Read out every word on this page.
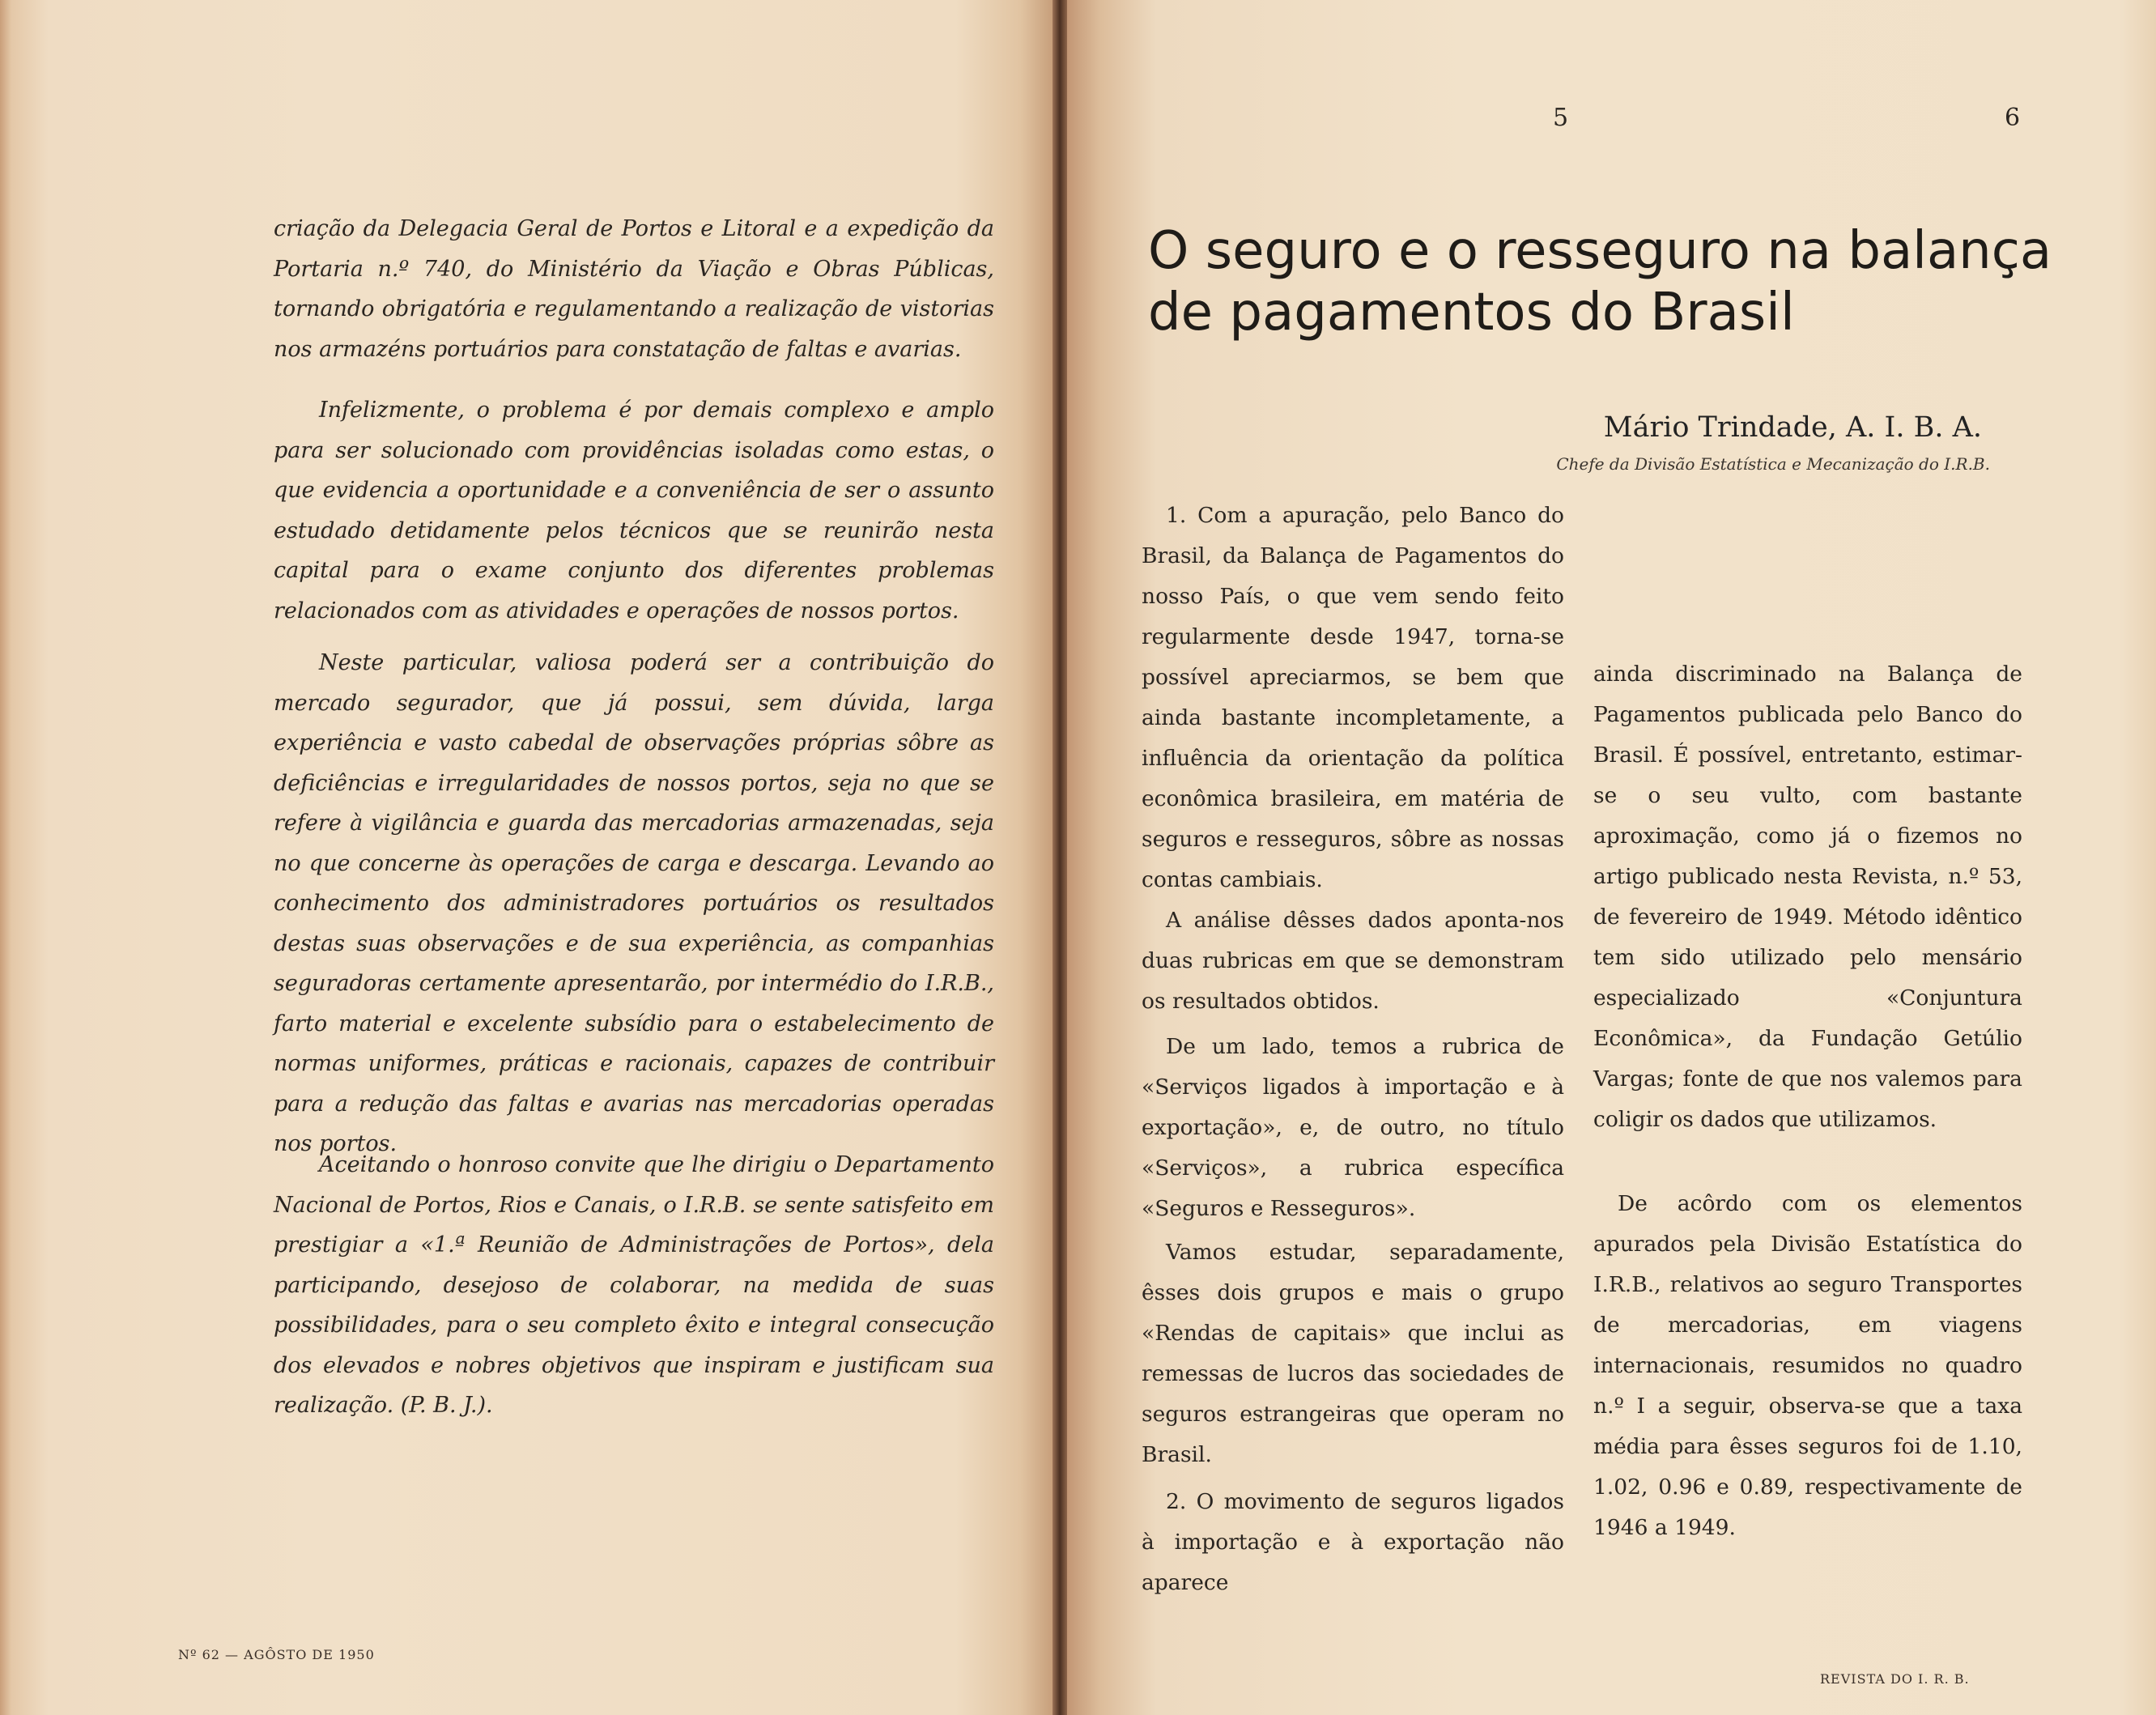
criação da Delegacia Geral de Portos e Litoral e a expedição da Portaria n.º 740, do Ministério da Viação e Obras Públicas, tornando obrigatória e regulamentando a realização de vistorias nos armazéns portuários para constatação de faltas e avarias.

Infelizmente, o problema é por demais complexo e amplo para ser solucionado com providências isoladas como estas, o que evidencia a oportunidade e a conveniência de ser o assunto estudado detidamente pelos técnicos que se reunirão nesta capital para o exame conjunto dos diferentes problemas relacionados com as atividades e operações de nossos portos.

Neste particular, valiosa poderá ser a contribuição do mercado segurador, que já possui, sem dúvida, larga experiência e vasto cabedal de observações próprias sôbre as deficiências e irregularidades de nossos portos, seja no que se refere à vigilância e guarda das mercadorias armazenadas, seja no que concerne às operações de carga e descarga. Levando ao conhecimento dos administradores portuários os resultados destas suas observações e de sua experiência, as companhias seguradoras certamente apresentarão, por intermédio do I.R.B., farto material e excelente subsídio para o estabelecimento de normas uniformes, práticas e racionais, capazes de contribuir para a redução das faltas e avarias nas mercadorias operadas nos portos.

Aceitando o honroso convite que lhe dirigiu o Departamento Nacional de Portos, Rios e Canais, o I.R.B. se sente satisfeito em prestigiar a «1.ª Reunião de Administrações de Portos», dela participando, desejoso de colaborar, na medida de suas possibilidades, para o seu completo êxito e integral consecução dos elevados e nobres objetivos que inspiram e justificam sua realização. (P. B. J.).

Nº 62 — AGÔSTO DE 1950
5	6
O seguro e o resseguro na balança de pagamentos do Brasil
Mário Trindade, A. I. B. A.
Chefe da Divisão Estatística e Mecanização do I.R.B.

1. Com a apuração, pelo Banco do Brasil, da Balança de Pagamentos do nosso País, o que vem sendo feito regularmente desde 1947, torna-se possível apreciarmos, se bem que ainda bastante incompletamente, a influência da orientação da política econômica brasileira, em matéria de seguros e resseguros, sôbre as nossas contas cambiais.

A análise dêsses dados aponta-nos duas rubricas em que se demonstram os resultados obtidos.

De um lado, temos a rubrica de «Serviços ligados à importação e à exportação», e, de outro, no título «Serviços», a rubrica específica «Seguros e Resseguros».

Vamos estudar, separadamente, êsses dois grupos e mais o grupo «Rendas de capitais» que inclui as remessas de lucros das sociedades de seguros estrangeiras que operam no Brasil.

2. O movimento de seguros ligados à importação e à exportação não aparece

ainda discriminado na Balança de Pagamentos publicada pelo Banco do Brasil. É possível, entretanto, estimar-se o seu vulto, com bastante aproximação, como já o fizemos no artigo publicado nesta Revista, n.º 53, de fevereiro de 1949. Método idêntico tem sido utilizado pelo mensário especializado «Conjuntura Econômica», da Fundação Getúlio Vargas; fonte de que nos valemos para coligir os dados que utilizamos.

De acôrdo com os elementos apurados pela Divisão Estatística do I.R.B., relativos ao seguro Transportes de mercadorias, em viagens internacionais, resumidos no quadro n.º I a seguir, observa-se que a taxa média para êsses seguros foi de 1.10, 1.02, 0.96 e 0.89, respectivamente de 1946 a 1949.

REVISTA DO I. R. B.
